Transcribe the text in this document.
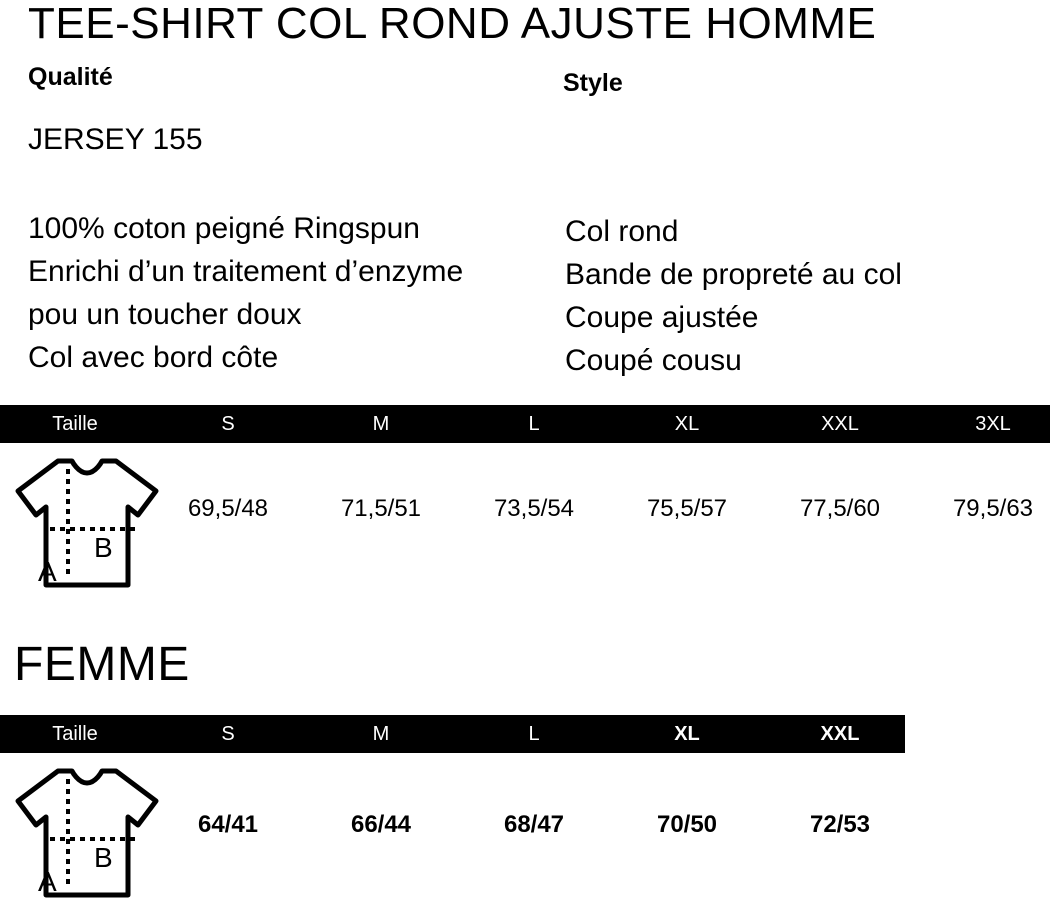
TEE-SHIRT COL ROND AJUSTE HOMME
Qualité	Style
JERSEY 155
100% coton peigné Ringspun
Enrichi d’un traitement d’enzyme
pou un toucher doux
Col avec bord côte
Col rond
Bande de propreté au col
Coupe ajustée
Coupé cousu
Taille	S	M	L	XL	XXL	3XL
A
B
69,5/48	71,5/51	73,5/54	75,5/57	77,5/60	79,5/63
FEMME
Taille	S	M	L	XL	XXL
A
B
64/41	66/44	68/47	70/50	72/53
